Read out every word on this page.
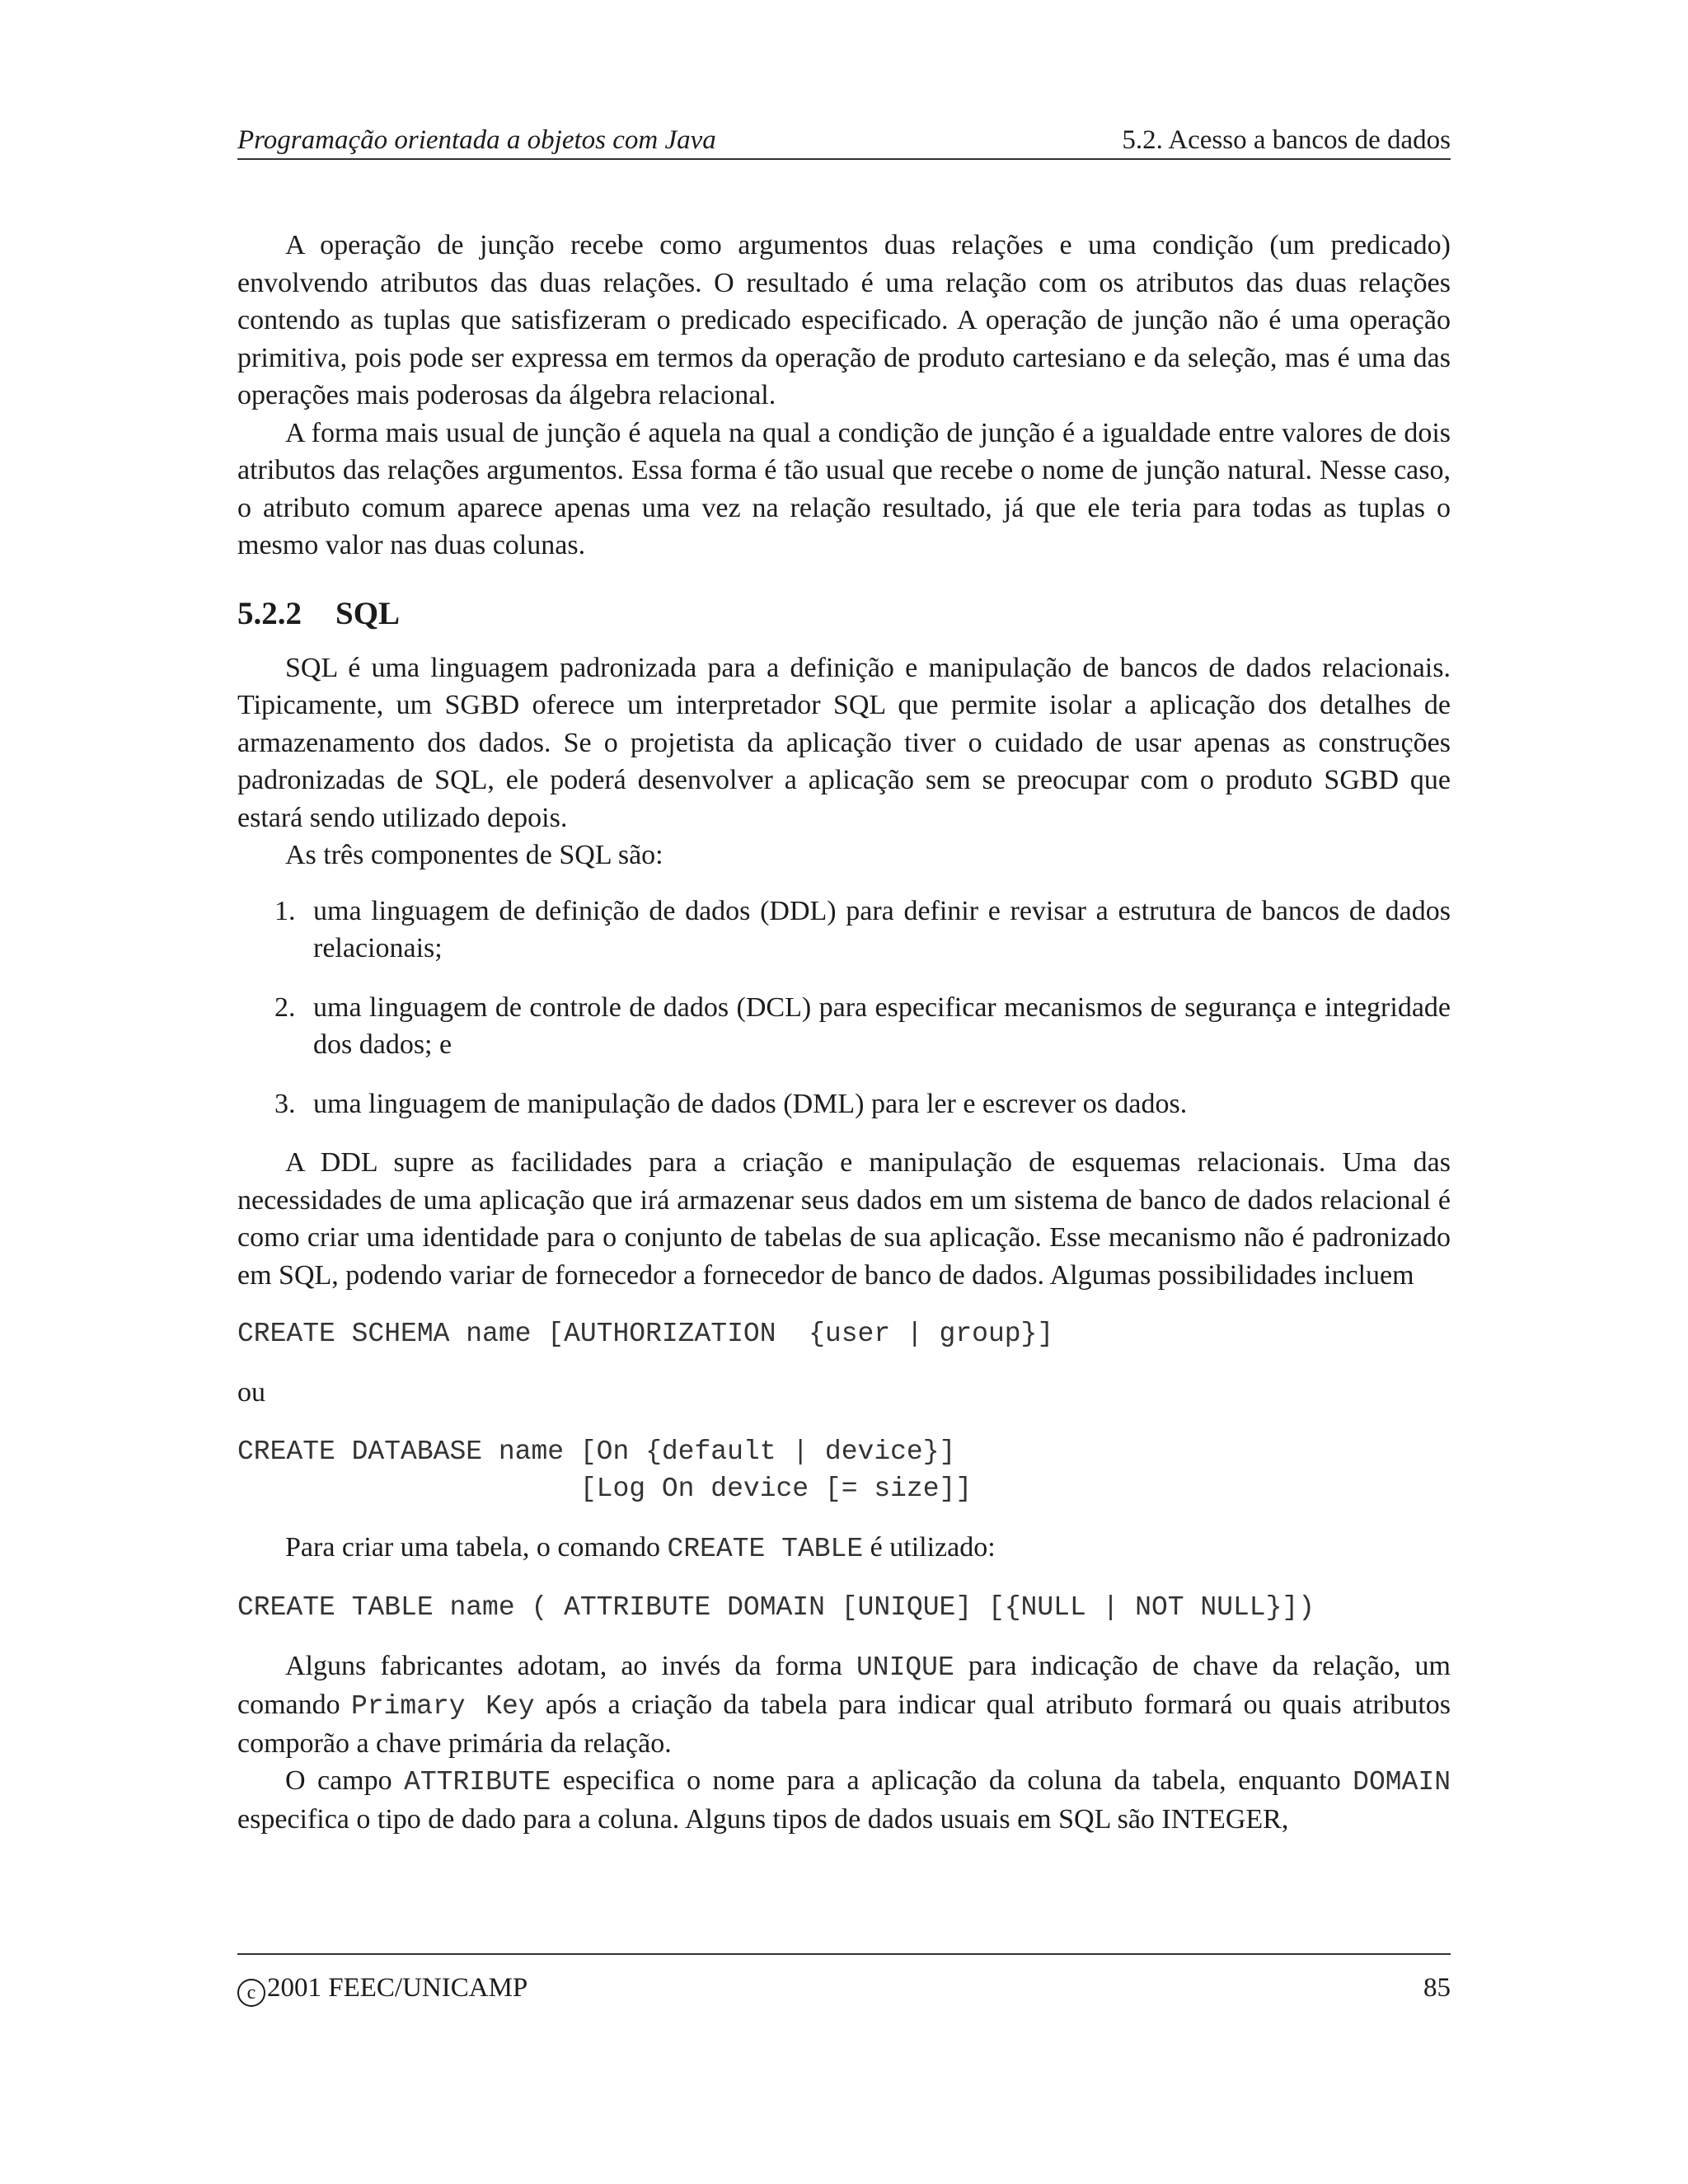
Programação orientada a objetos com Java	5.2. Acesso a bancos de dados

A operação de junção recebe como argumentos duas relações e uma condição (um predicado) envolvendo atributos das duas relações. O resultado é uma relação com os atributos das duas relações contendo as tuplas que satisfizeram o predicado especificado. A operação de junção não é uma operação primitiva, pois pode ser expressa em termos da operação de produto cartesiano e da seleção, mas é uma das operações mais poderosas da álgebra relacional.

A forma mais usual de junção é aquela na qual a condição de junção é a igualdade entre valores de dois atributos das relações argumentos. Essa forma é tão usual que recebe o nome de junção natural. Nesse caso, o atributo comum aparece apenas uma vez na relação resultado, já que ele teria para todas as tuplas o mesmo valor nas duas colunas.

5.2.2 SQL

SQL é uma linguagem padronizada para a definição e manipulação de bancos de dados relacionais. Tipicamente, um SGBD oferece um interpretador SQL que permite isolar a aplicação dos detalhes de armazenamento dos dados. Se o projetista da aplicação tiver o cuidado de usar apenas as construções padronizadas de SQL, ele poderá desenvolver a aplicação sem se preocupar com o produto SGBD que estará sendo utilizado depois.

As três componentes de SQL são:

1. uma linguagem de definição de dados (DDL) para definir e revisar a estrutura de bancos de dados relacionais;
2. uma linguagem de controle de dados (DCL) para especificar mecanismos de segurança e integridade dos dados; e
3. uma linguagem de manipulação de dados (DML) para ler e escrever os dados.

A DDL supre as facilidades para a criação e manipulação de esquemas relacionais. Uma das necessidades de uma aplicação que irá armazenar seus dados em um sistema de banco de dados relacional é como criar uma identidade para o conjunto de tabelas de sua aplicação. Esse mecanismo não é padronizado em SQL, podendo variar de fornecedor a fornecedor de banco de dados. Algumas possibilidades incluem

CREATE SCHEMA name [AUTHORIZATION  {user | group}]

ou

CREATE DATABASE name [On {default | device}]
[Log On device [= size]]

Para criar uma tabela, o comando CREATE TABLE é utilizado:

CREATE TABLE name ( ATTRIBUTE DOMAIN [UNIQUE] [{NULL | NOT NULL}])

Alguns fabricantes adotam, ao invés da forma UNIQUE para indicação de chave da relação, um comando Primary Key após a criação da tabela para indicar qual atributo formará ou quais atributos comporão a chave primária da relação.

O campo ATTRIBUTE especifica o nome para a aplicação da coluna da tabela, enquanto DOMAIN especifica o tipo de dado para a coluna. Alguns tipos de dados usuais em SQL são INTEGER,

c 2001 FEEC/UNICAMP	85
